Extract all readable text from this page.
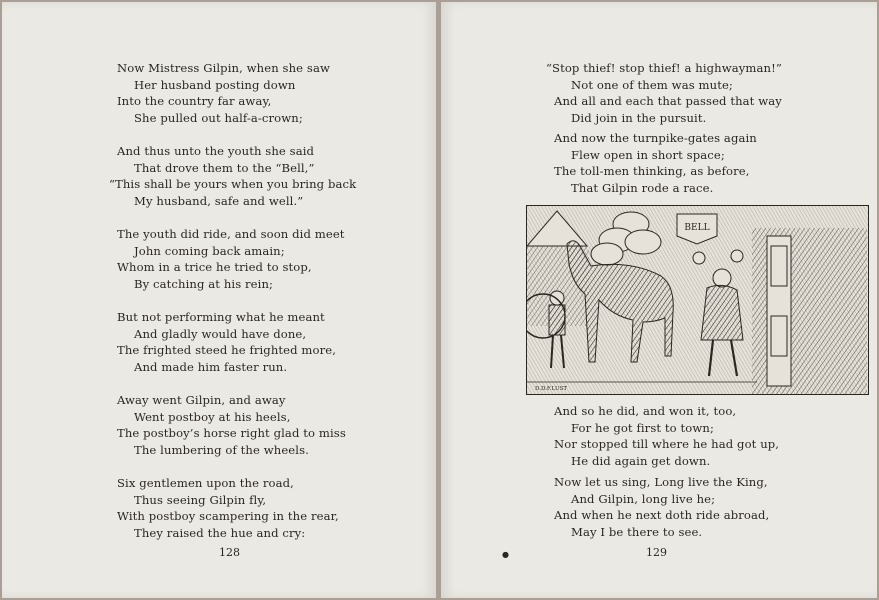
Now Mistress Gilpin, when she saw
Her husband posting down
Into the country far away,
She pulled out half-a-crown;
And thus unto the youth she said
That drove them to the “Bell,”
“This shall be yours when you bring back
My husband, safe and well.”
The youth did ride, and soon did meet
John coming back amain;
Whom in a trice he tried to stop,
By catching at his rein;
But not performing what he meant
And gladly would have done,
The frighted steed he frighted more,
And made him faster run.
Away went Gilpin, and away
Went postboy at his heels,
The postboy’s horse right glad to miss
The lumbering of the wheels.
Six gentlemen upon the road,
Thus seeing Gilpin fly,
With postboy scampering in the rear,
They raised the hue and cry:
128
“Stop thief! stop thief! a highwayman!”
Not one of them was mute;
And all and each that passed that way
Did join in the pursuit.
And now the turnpike-gates again
Flew open in short space;
The toll-men thinking, as before,
That Gilpin rode a race.
BELL
D.D.F.LUST
And so he did, and won it, too,
For he got first to town;
Nor stopped till where he had got up,
He did again get down.
Now let us sing, Long live the King,
And Gilpin, long live he;
And when he next doth ride abroad,
May I be there to see.
●	129
